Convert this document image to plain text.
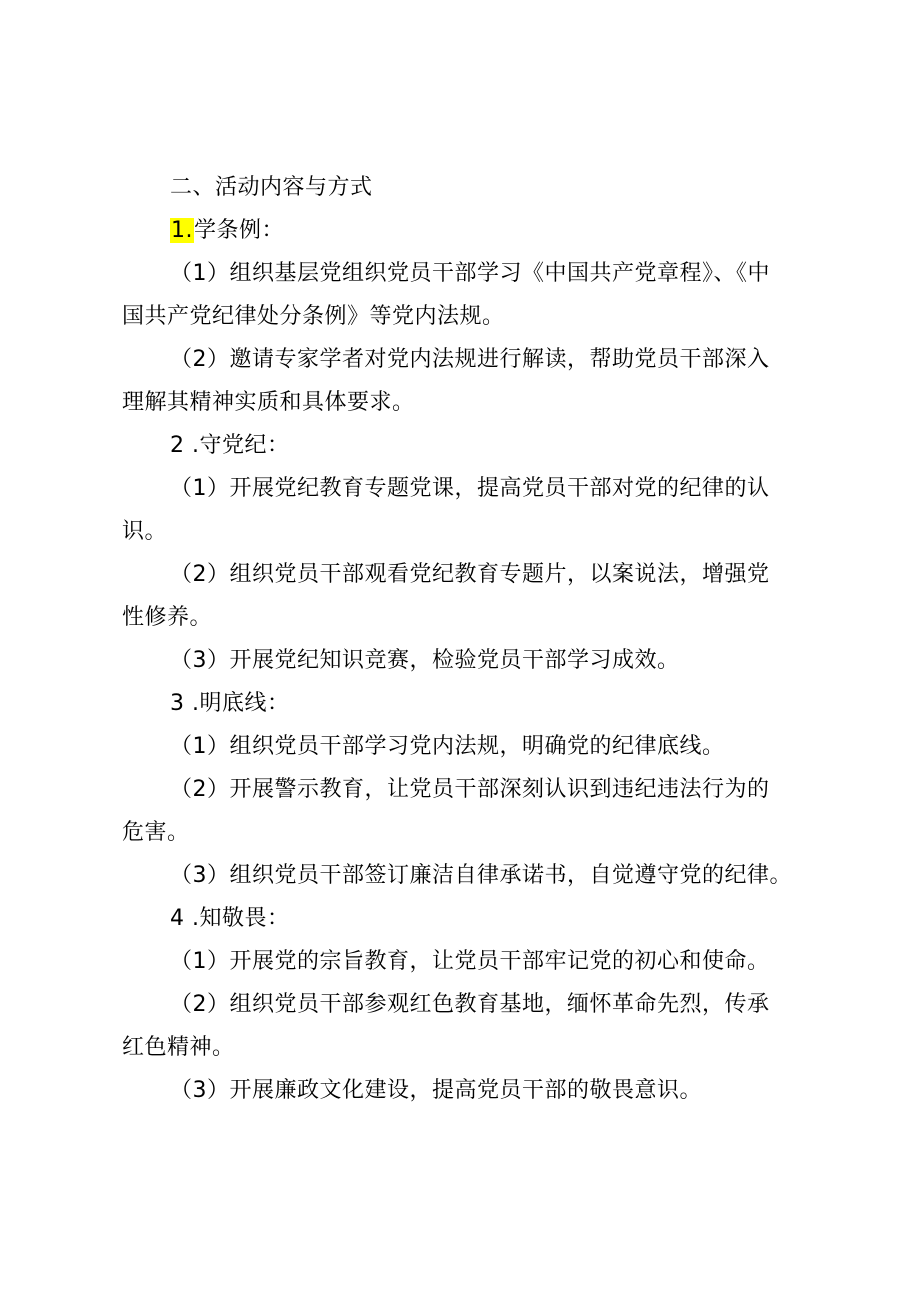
二、活动内容与方式
1.学条例：
（1）组织基层党组织党员干部学习《中国共产党章程》、《中
国共产党纪律处分条例》等党内法规。
（2）邀请专家学者对党内法规进行解读，帮助党员干部深入
理解其精神实质和具体要求。
2 .守党纪：
（1）开展党纪教育专题党课，提高党员干部对党的纪律的认
识。
（2）组织党员干部观看党纪教育专题片，以案说法，增强党
性修养。
（3）开展党纪知识竞赛，检验党员干部学习成效。
3 .明底线：
（1）组织党员干部学习党内法规，明确党的纪律底线。
（2）开展警示教育，让党员干部深刻认识到违纪违法行为的
危害。
（3）组织党员干部签订廉洁自律承诺书，自觉遵守党的纪律。
4 .知敬畏：
（1）开展党的宗旨教育，让党员干部牢记党的初心和使命。
（2）组织党员干部参观红色教育基地，缅怀革命先烈，传承
红色精神。
（3）开展廉政文化建设，提高党员干部的敬畏意识。
